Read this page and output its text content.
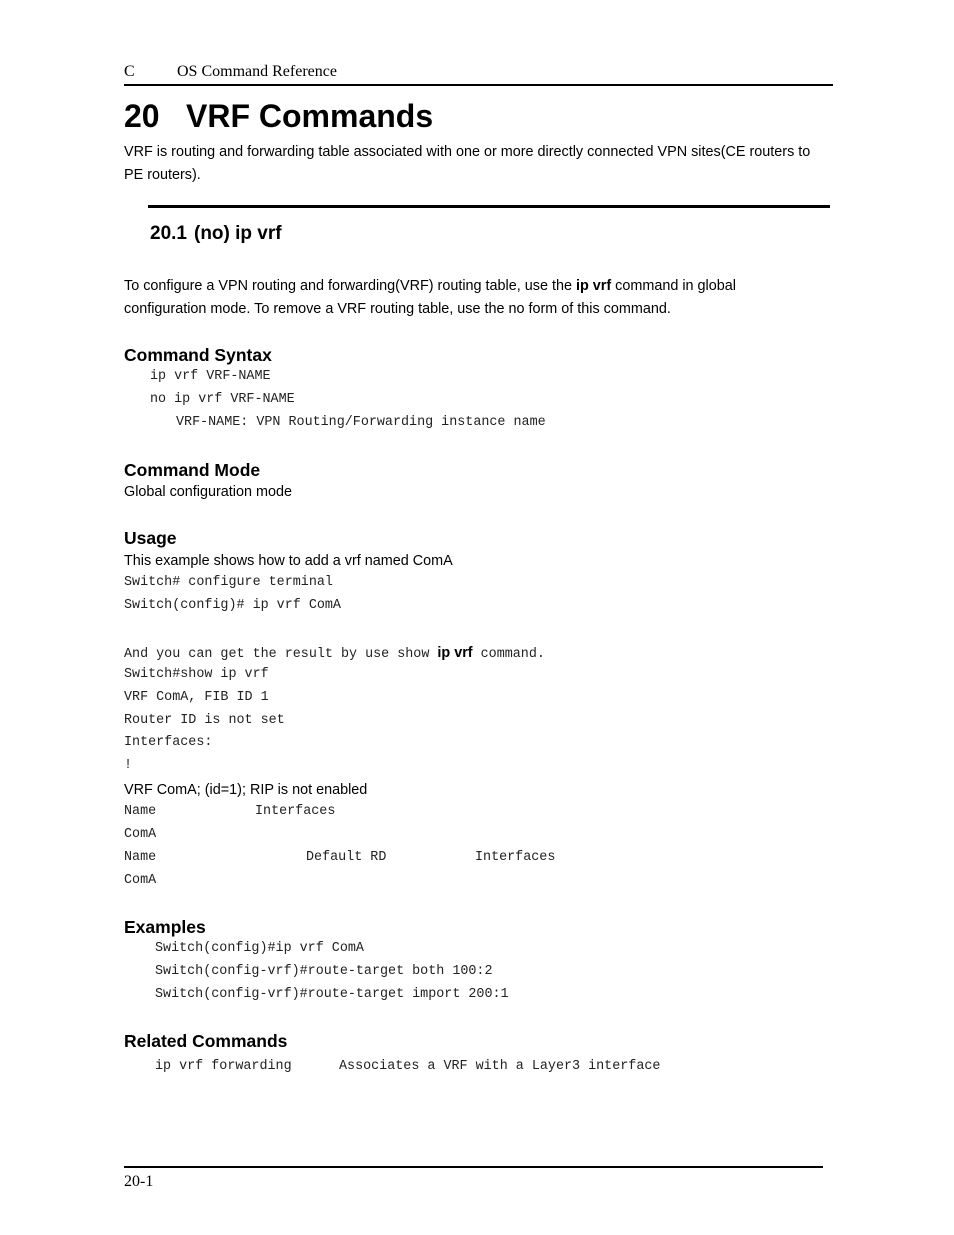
C	OS Command Reference
20 VRF Commands
VRF is routing and forwarding table associated with one or more directly connected VPN sites(CE routers to
PE routers).
20.1 (no) ip vrf
To configure a VPN routing and forwarding(VRF) routing table, use the ip vrf command in global
configuration mode. To remove a VRF routing table, use the no form of this command.
Command Syntax
ip vrf VRF-NAME
no ip vrf VRF-NAME
VRF-NAME: VPN Routing/Forwarding instance name
Command Mode
Global configuration mode
Usage
This example shows how to add a vrf named ComA
Switch# configure terminal
Switch(config)# ip vrf ComA
And you can get the result by use show ip vrf command.
Switch#show ip vrf
VRF ComA, FIB ID 1
Router ID is not set
Interfaces:
!
VRF ComA; (id=1); RIP is not enabled
Name	Interfaces
ComA
Name	Default RD	Interfaces
ComA
Examples
Switch(config)#ip vrf ComA
Switch(config-vrf)#route-target both 100:2
Switch(config-vrf)#route-target import 200:1
Related Commands
ip vrf forwarding	Associates a VRF with a Layer3 interface
20-1
